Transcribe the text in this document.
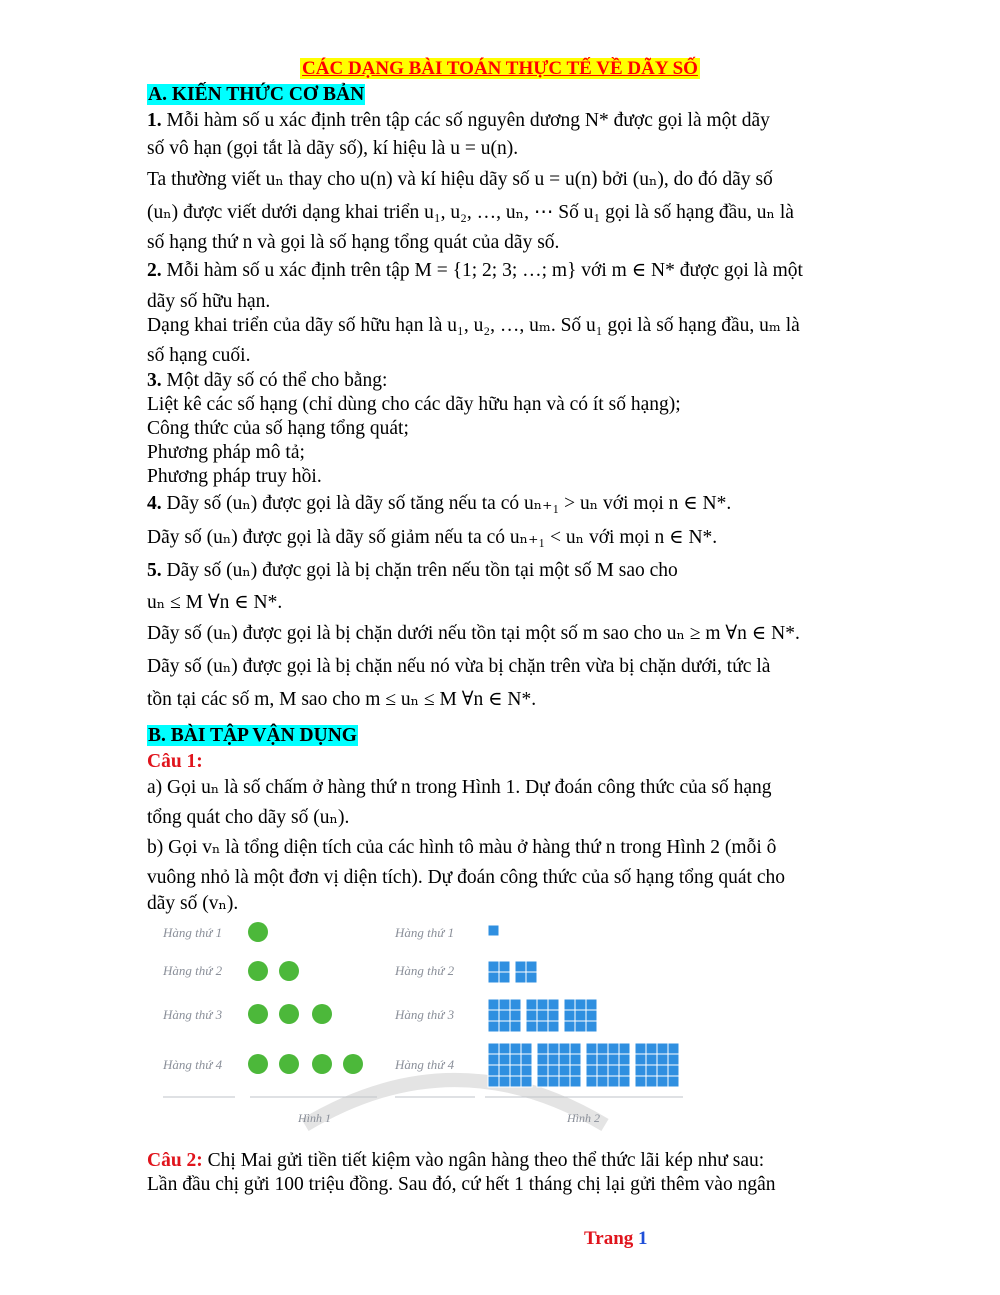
CÁC DẠNG BÀI TOÁN THỰC TẾ VỀ DÃY SỐ
A. KIẾN THỨC CƠ BẢN
1. Mỗi hàm số u xác định trên tập các số nguyên dương N* được gọi là một dãy
số vô hạn (gọi tắt là dãy số), kí hiệu là u = u(n).
Ta thường viết uₙ thay cho u(n) và kí hiệu dãy số u = u(n) bởi (uₙ), do đó dãy số
(uₙ) được viết dưới dạng khai triển u₁, u₂, …, uₙ, ⋯ Số u₁ gọi là số hạng đầu, uₙ là
số hạng thứ n và gọi là số hạng tổng quát của dãy số.
2. Mỗi hàm số u xác định trên tập M = {1; 2; 3; …; m} với m ∈ N* được gọi là một
dãy số hữu hạn.
Dạng khai triển của dãy số hữu hạn là u₁, u₂, …, uₘ. Số u₁ gọi là số hạng đầu, uₘ là
số hạng cuối.
3. Một dãy số có thể cho bằng:
Liệt kê các số hạng (chỉ dùng cho các dãy hữu hạn và có ít số hạng);
Công thức của số hạng tổng quát;
Phương pháp mô tả;
Phương pháp truy hồi.
4. Dãy số (uₙ) được gọi là dãy số tăng nếu ta có uₙ₊₁ > uₙ với mọi n ∈ N*.
Dãy số (uₙ) được gọi là dãy số giảm nếu ta có uₙ₊₁ < uₙ với mọi n ∈ N*.
5. Dãy số (uₙ) được gọi là bị chặn trên nếu tồn tại một số M sao cho
uₙ ≤ M ∀n ∈ N*.
Dãy số (uₙ) được gọi là bị chặn dưới nếu tồn tại một số m sao cho uₙ ≥ m ∀n ∈ N*.
Dãy số (uₙ) được gọi là bị chặn nếu nó vừa bị chặn trên vừa bị chặn dưới, tức là
tồn tại các số m, M sao cho m ≤ uₙ ≤ M ∀n ∈ N*.
B. BÀI TẬP VẬN DỤNG
Câu 1:
a) Gọi uₙ là số chấm ở hàng thứ n trong Hình 1. Dự đoán công thức của số hạng
tổng quát cho dãy số (uₙ).
b) Gọi vₙ là tổng diện tích của các hình tô màu ở hàng thứ n trong Hình 2 (mỗi ô
vuông nhỏ là một đơn vị diện tích). Dự đoán công thức của số hạng tổng quát cho
dãy số (vₙ).
Hàng thứ 1
Hàng thứ 2
Hàng thứ 3
Hàng thứ 4
Hàng thứ 1
Hàng thứ 2
Hàng thứ 3
Hàng thứ 4
Hình 1	Hình 2
Câu 2: Chị Mai gửi tiền tiết kiệm vào ngân hàng theo thể thức lãi kép như sau:
Lần đầu chị gửi 100 triệu đồng. Sau đó, cứ hết 1 tháng chị lại gửi thêm vào ngân
Trang 1
